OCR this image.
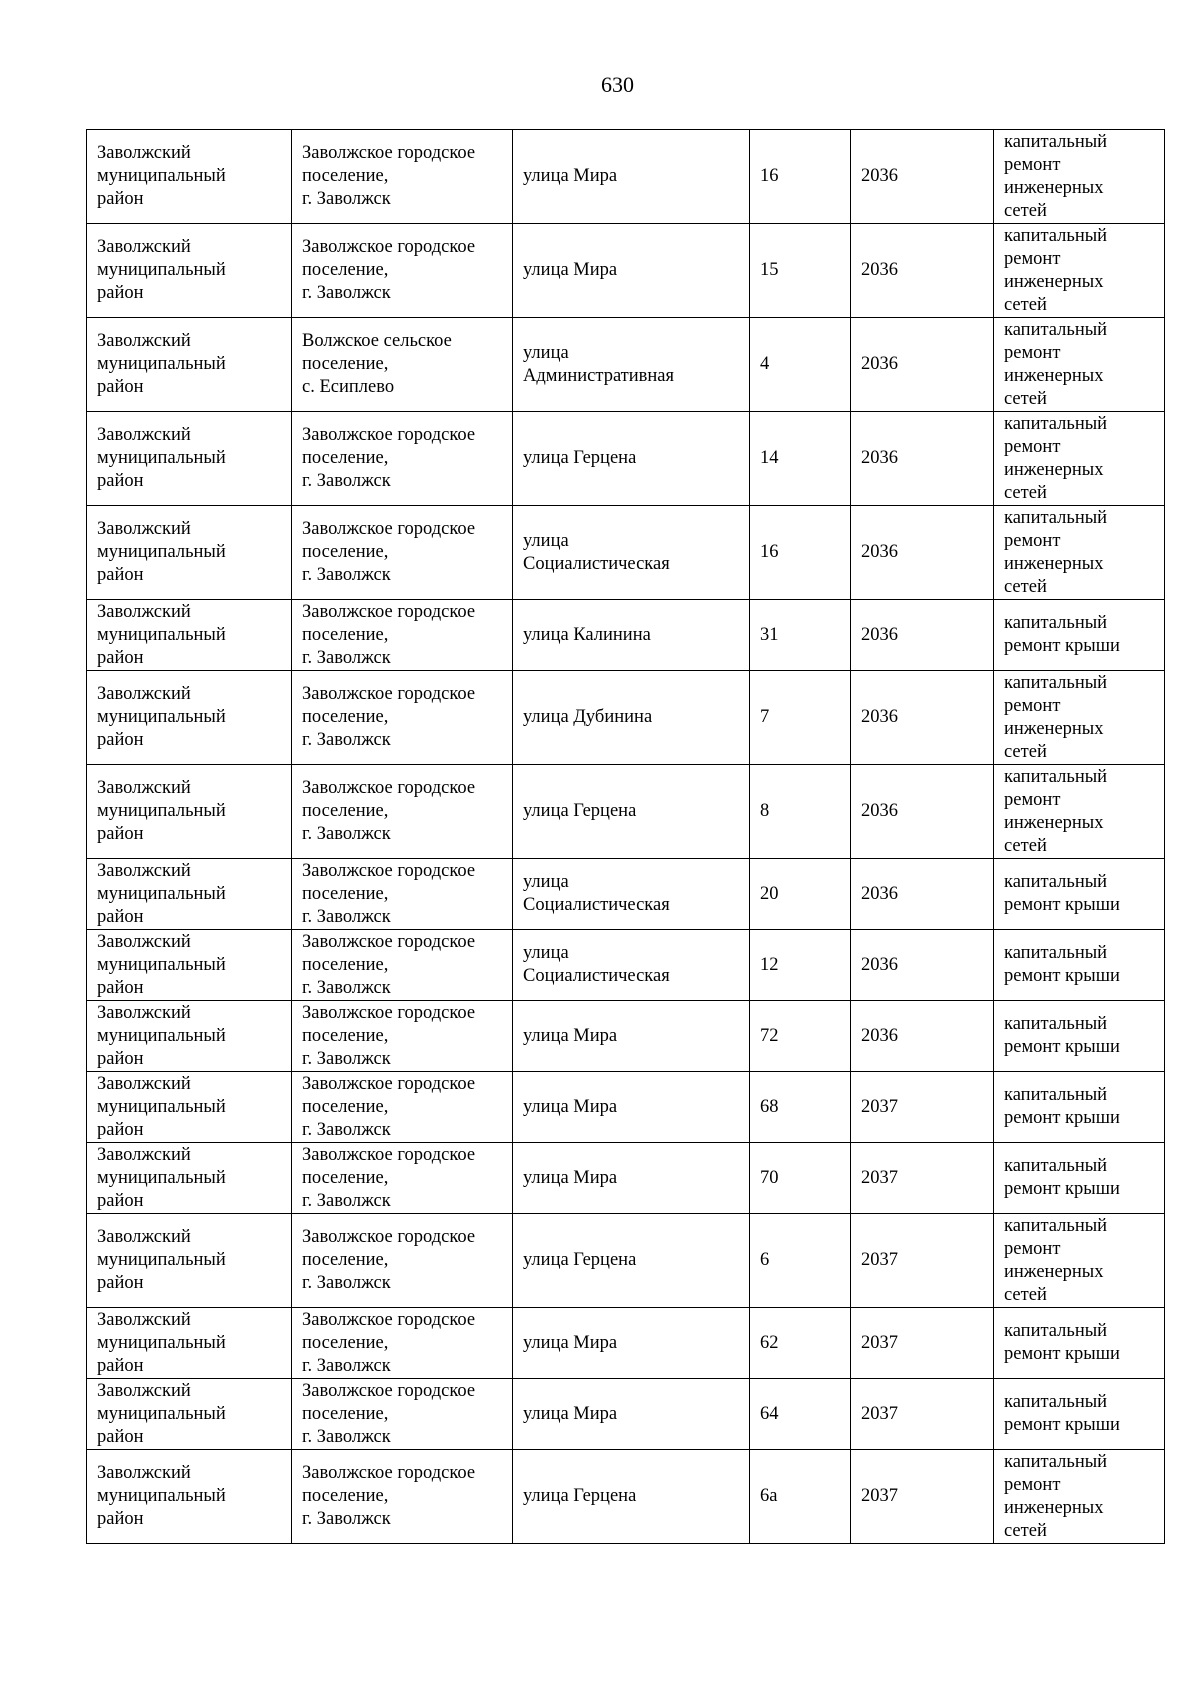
630
Заволжский
муниципальный
район	Заволжское городское
поселение,
г. Заволжск	улица Мира	16	2036	капитальный
ремонт
инженерных
сетей

Заволжский
муниципальный
район	Заволжское городское
поселение,
г. Заволжск	улица Мира	15	2036	капитальный
ремонт
инженерных
сетей

Заволжский
муниципальный
район	Волжское сельское
поселение,
с. Есиплево	улица
Административная	4	2036	капитальный
ремонт
инженерных
сетей

Заволжский
муниципальный
район	Заволжское городское
поселение,
г. Заволжск	улица Герцена	14	2036	капитальный
ремонт
инженерных
сетей

Заволжский
муниципальный
район	Заволжское городское
поселение,
г. Заволжск	улица
Социалистическая	16	2036	капитальный
ремонт
инженерных
сетей

Заволжский
муниципальный
район	Заволжское городское
поселение,
г. Заволжск	улица Калинина	31	2036	капитальный
ремонт крыши

Заволжский
муниципальный
район	Заволжское городское
поселение,
г. Заволжск	улица Дубинина	7	2036	капитальный
ремонт
инженерных
сетей

Заволжский
муниципальный
район	Заволжское городское
поселение,
г. Заволжск	улица Герцена	8	2036	капитальный
ремонт
инженерных
сетей

Заволжский
муниципальный
район	Заволжское городское
поселение,
г. Заволжск	улица
Социалистическая	20	2036	капитальный
ремонт крыши

Заволжский
муниципальный
район	Заволжское городское
поселение,
г. Заволжск	улица
Социалистическая	12	2036	капитальный
ремонт крыши

Заволжский
муниципальный
район	Заволжское городское
поселение,
г. Заволжск	улица Мира	72	2036	капитальный
ремонт крыши

Заволжский
муниципальный
район	Заволжское городское
поселение,
г. Заволжск	улица Мира	68	2037	капитальный
ремонт крыши

Заволжский
муниципальный
район	Заволжское городское
поселение,
г. Заволжск	улица Мира	70	2037	капитальный
ремонт крыши

Заволжский
муниципальный
район	Заволжское городское
поселение,
г. Заволжск	улица Герцена	6	2037	капитальный
ремонт
инженерных
сетей

Заволжский
муниципальный
район	Заволжское городское
поселение,
г. Заволжск	улица Мира	62	2037	капитальный
ремонт крыши

Заволжский
муниципальный
район	Заволжское городское
поселение,
г. Заволжск	улица Мира	64	2037	капитальный
ремонт крыши

Заволжский
муниципальный
район	Заволжское городское
поселение,
г. Заволжск	улица Герцена	6а	2037	капитальный
ремонт
инженерных
сетей
